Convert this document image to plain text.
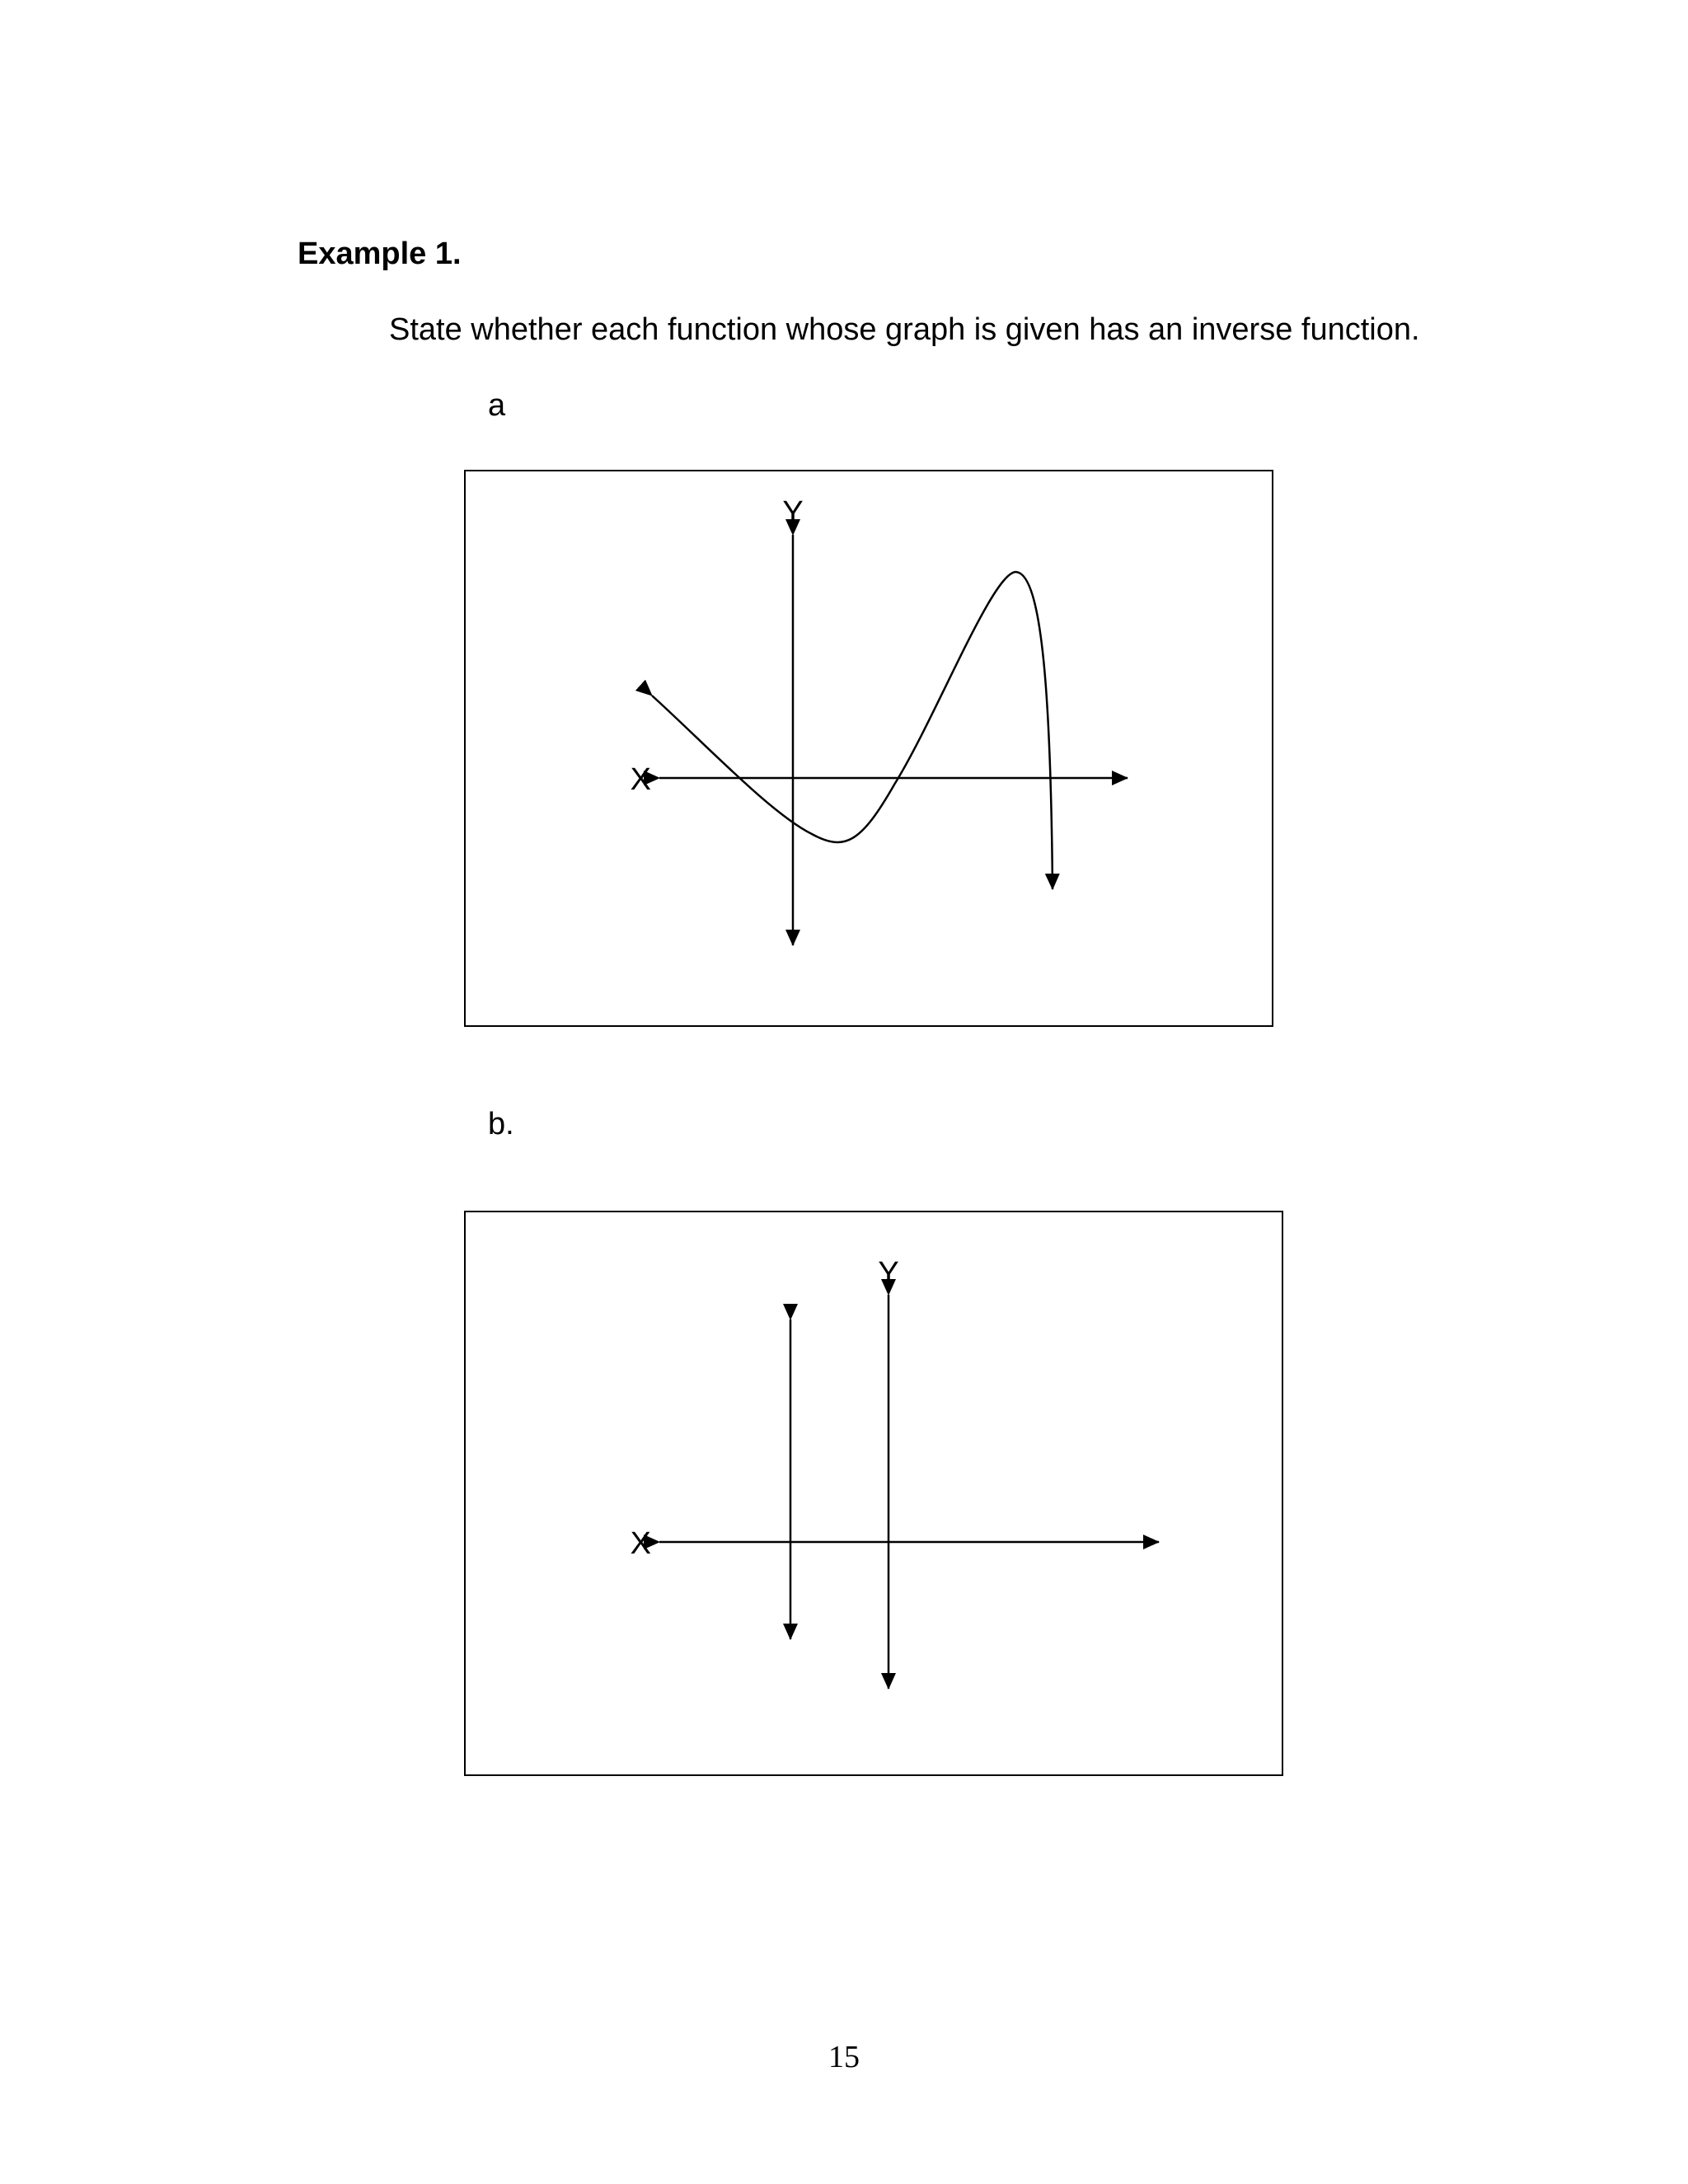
Example 1.
State whether each function whose graph is given has an inverse function.
a
X
Y
b.
X
Y
15
